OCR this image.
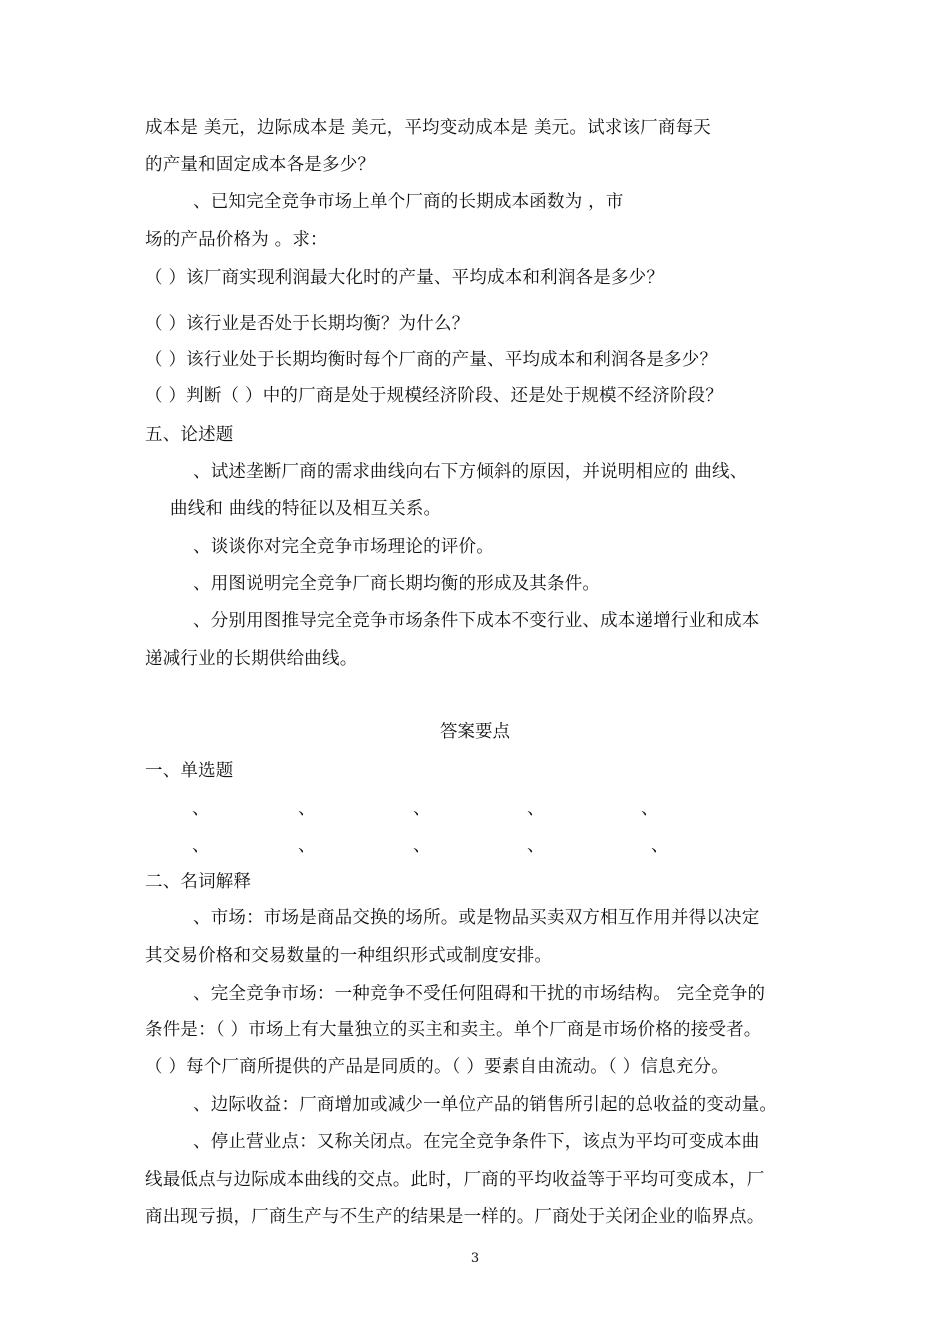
成本是 美元，边际成本是 美元，平均变动成本是 美元。试求该厂商每天
的产量和固定成本各是多少？
、已知完全竞争市场上单个厂商的长期成本函数为 ，市
场的产品价格为 。求：
（ ）该厂商实现利润最大化时的产量、平均成本和利润各是多少？
（ ）该行业是否处于长期均衡？为什么？
（ ）该行业处于长期均衡时每个厂商的产量、平均成本和利润各是多少？
（ ）判断（ ）中的厂商是处于规模经济阶段、还是处于规模不经济阶段？
五、论述题
、试述垄断厂商的需求曲线向右下方倾斜的原因，并说明相应的 曲线、
曲线和 曲线的特征以及相互关系。
、谈谈你对完全竞争市场理论的评价。
、用图说明完全竞争厂商长期均衡的形成及其条件。
、分别用图推导完全竞争市场条件下成本不变行业、成本递增行业和成本
递减行业的长期供给曲线。
答案要点
一、单选题
、	、	、	、	、
、	、	、	、	、
二、名词解释
、市场：市场是商品交换的场所。或是物品买卖双方相互作用并得以决定
其交易价格和交易数量的一种组织形式或制度安排。
、完全竞争市场：一种竞争不受任何阻碍和干扰的市场结构。 完全竞争的
条件是：（ ）市场上有大量独立的买主和卖主。单个厂商是市场价格的接受者。
（ ）每个厂商所提供的产品是同质的。（ ）要素自由流动。（ ）信息充分。
、边际收益：厂商增加或减少一单位产品的销售所引起的总收益的变动量。
、停止营业点：又称关闭点。在完全竞争条件下，该点为平均可变成本曲
线最低点与边际成本曲线的交点。此时，厂商的平均收益等于平均可变成本，厂
商出现亏损，厂商生产与不生产的结果是一样的。厂商处于关闭企业的临界点。
3
